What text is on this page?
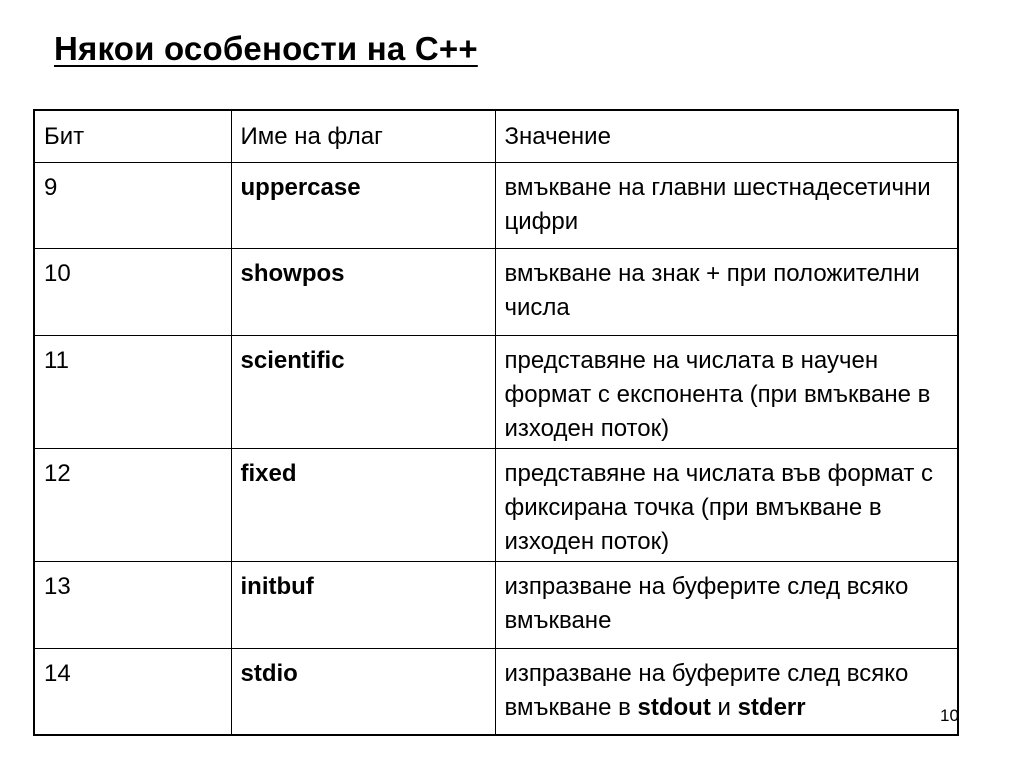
Някои особености на C++
Бит	Име на флаг	Значение
9	uppercase	вмъкване на главни шестнадесетични цифри
10	showpos	вмъкване на знак + при положителни числа
11	scientific	представяне на числата в научен формат с експонента (при вмъкване в изходен поток)
12	fixed	представяне на числата във формат с фиксирана точка (при вмъкване в изходен поток)
13	initbuf	изпразване на буферите след всяко вмъкване
14	stdio	изпразване на буферите след всяко вмъкване в stdout и stderr	10
